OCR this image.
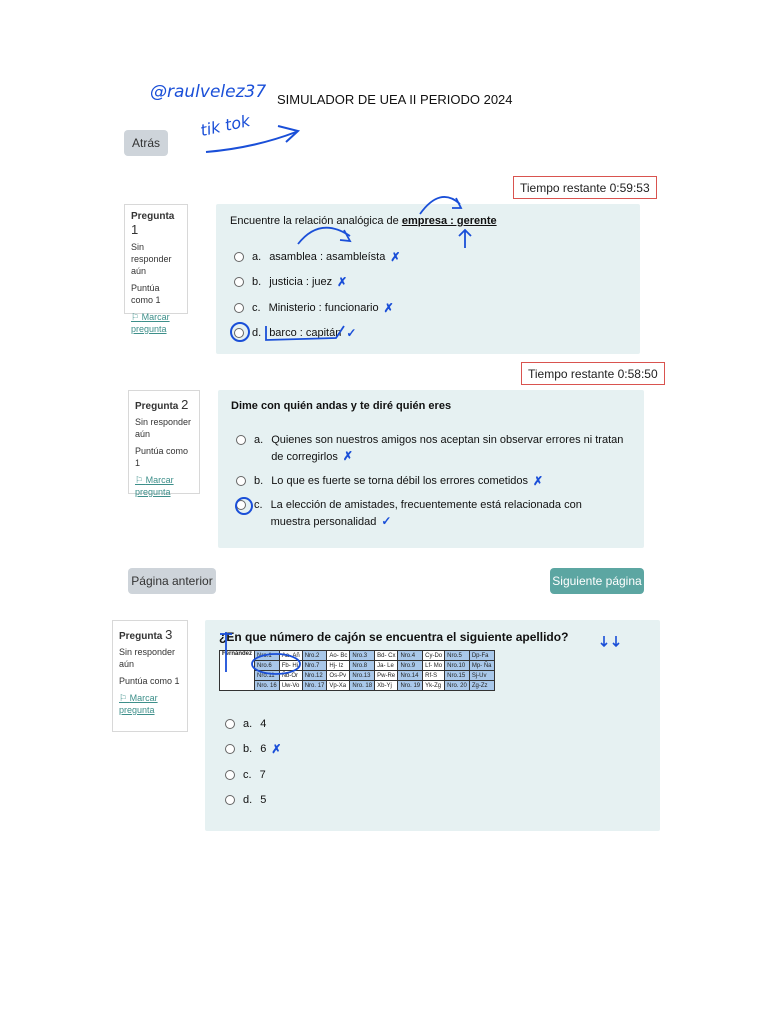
@raulvelez37
tik tok
SIMULADOR DE UEA II PERIODO 2024
Atrás
Tiempo restante 0:59:53
Pregunta 1
Sin responder aún
Puntúa como 1
⚐ Marcar pregunta
Encuentre la relación analógica de empresa : gerente
a. asamblea : asambleísta ✗
b. justicia : juez ✗
c. Ministerio : funcionario ✗
d. barco : capitán ✓
Tiempo restante 0:58:50
Pregunta 2
Sin responder aún
Puntúa como 1
⚐ Marcar pregunta
Dime con quién andas y te diré quién eres
a. Quienes son nuestros amigos nos aceptan sin observar errores ni tratan de corregirlos ✗
b. Lo que es fuerte se torna débil los errores cometidos ✗
c. La elección de amistades, frecuentemente está relacionada con muestra personalidad ✓
Página anterior	Siguiente página
Pregunta 3
Sin responder aún
Puntúa como 1
⚐ Marcar pregunta
¿En que número de cajón se encuentra el siguiente apellido?
Fernández	Nro.1	Aa- Añ	Nro.2	Ao- Bc	Nro.3	Bd- Cx	Nro.4	Cy-Do	Nro.5	Dp-Fa
	Nro.6	Fb- Hi	Nro.7	Hj- Iz	Nro.8	Ja- Le	Nro.9	Lf- Mo	Nro.10	Mp- Ña
	Nro.11	Ñb-Or	Nro.12	Os-Pv	Nro.13	Pw-Re	Nro.14	Rf-S	Nro.15	Sj-Uv
	Nro. 16	Uw-Vo	Nro. 17	Vp-Xa	Nro. 18	Xb-Yj	Nro. 19	Yk-Zg	Nro. 20	Zg-Zz
a. 4
b. 6 ✗
c. 7
d. 5
